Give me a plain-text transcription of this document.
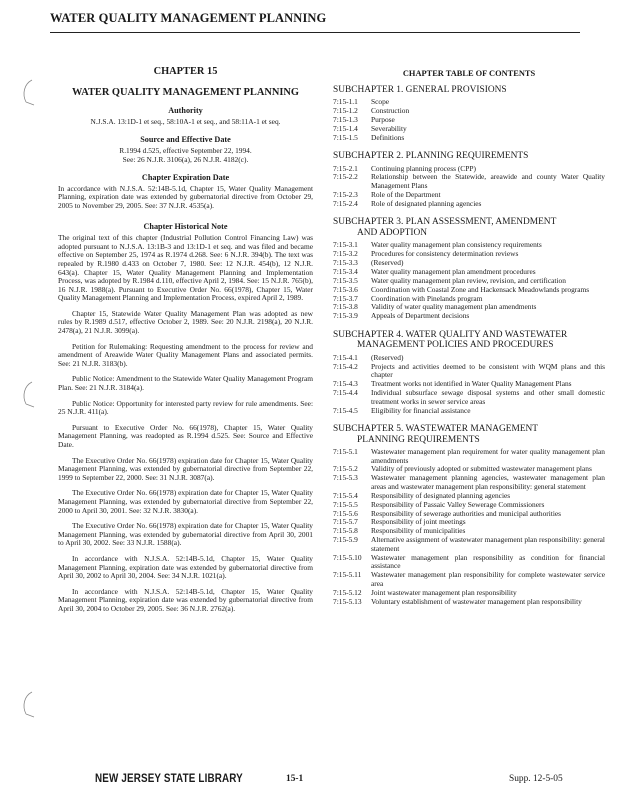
WATER QUALITY MANAGEMENT PLANNING
CHAPTER 15
WATER QUALITY MANAGEMENT PLANNING
Authority
N.J.S.A. 13:1D-1 et seq., 58:10A-1 et seq., and 58:11A-1 et seq.
Source and Effective Date
R.1994 d.525, effective September 22, 1994.
See: 26 N.J.R. 3106(a), 26 N.J.R. 4182(c).
Chapter Expiration Date
In accordance with N.J.S.A. 52:14B-5.1d, Chapter 15, Water Quality Management Planning, expiration date was extended by gubernatorial directive from October 29, 2005 to November 29, 2005. See: 37 N.J.R. 4535(a).
Chapter Historical Note
The original text of this chapter (Industrial Pollution Control Financing Law) was adopted pursuant to N.J.S.A. 13:1B-3 and 13:1D-1 et seq. and was filed and became effective on September 25, 1974 as R.1974 d.268. See: 6 N.J.R. 394(b). The text was repealed by R.1980 d.433 on October 7, 1980. See: 12 N.J.R. 454(b), 12 N.J.R. 643(a). Chapter 15, Water Quality Management Planning and Implementation Process, was adopted by R.1984 d.110, effective April 2, 1984. See: 15 N.J.R. 765(b), 16 N.J.R. 1988(a). Pursuant to Executive Order No. 66(1978), Chapter 15, Water Quality Management Planning and Implementation Process, expired April 2, 1989.
Chapter 15, Statewide Water Quality Management Plan was adopted as new rules by R.1989 d.517, effective October 2, 1989. See: 20 N.J.R. 2198(a), 20 N.J.R. 2478(a), 21 N.J.R. 3099(a).
Petition for Rulemaking: Requesting amendment to the process for review and amendment of Areawide Water Quality Management Plans and associated permits. See: 21 N.J.R. 3183(b).
Public Notice: Amendment to the Statewide Water Quality Management Program Plan. See: 21 N.J.R. 3184(a).
Public Notice: Opportunity for interested party review for rule amendments. See: 25 N.J.R. 411(a).
Pursuant to Executive Order No. 66(1978), Chapter 15, Water Quality Management Planning, was readopted as R.1994 d.525. See: Source and Effective Date.
The Executive Order No. 66(1978) expiration date for Chapter 15, Water Quality Management Planning, was extended by gubernatorial directive from September 22, 1999 to September 22, 2000. See: 31 N.J.R. 3087(a).
The Executive Order No. 66(1978) expiration date for Chapter 15, Water Quality Management Planning, was extended by gubernatorial directive from September 22, 2000 to April 30, 2001. See: 32 N.J.R. 3830(a).
The Executive Order No. 66(1978) expiration date for Chapter 15, Water Quality Management Planning, was extended by gubernatorial directive from April 30, 2001 to April 30, 2002. See: 33 N.J.R. 1588(a).
In accordance with N.J.S.A. 52:14B-5.1d, Chapter 15, Water Quality Management Planning, expiration date was extended by gubernatorial directive from April 30, 2002 to April 30, 2004. See: 34 N.J.R. 1021(a).
In accordance with N.J.S.A. 52:14B-5.1d, Chapter 15, Water Quality Management Planning, expiration date was extended by gubernatorial directive from April 30, 2004 to October 29, 2005. See: 36 N.J.R. 2762(a).
CHAPTER TABLE OF CONTENTS
SUBCHAPTER 1. GENERAL PROVISIONS
7:15-1.1	Scope
7:15-1.2	Construction
7:15-1.3	Purpose
7:15-1.4	Severability
7:15-1.5	Definitions
SUBCHAPTER 2. PLANNING REQUIREMENTS
7:15-2.1	Continuing planning process (CPP)
7:15-2.2	Relationship between the Statewide, areawide and county Water Quality Management Plans
7:15-2.3	Role of the Department
7:15-2.4	Role of designated planning agencies
SUBCHAPTER 3. PLAN ASSESSMENT, AMENDMENT
AND ADOPTION
7:15-3.1	Water quality management plan consistency requirements
7:15-3.2	Procedures for consistency determination reviews
7:15-3.3	(Reserved)
7:15-3.4	Water quality management plan amendment procedures
7:15-3.5	Water quality management plan review, revision, and certification
7:15-3.6	Coordination with Coastal Zone and Hackensack Meadowlands programs
7:15-3.7	Coordination with Pinelands program
7:15-3.8	Validity of water quality management plan amendments
7:15-3.9	Appeals of Department decisions
SUBCHAPTER 4. WATER QUALITY AND WASTEWATER
MANAGEMENT POLICIES AND PROCEDURES
7:15-4.1	(Reserved)
7:15-4.2	Projects and activities deemed to be consistent with WQM plans and this chapter
7:15-4.3	Treatment works not identified in Water Quality Management Plans
7:15-4.4	Individual subsurface sewage disposal systems and other small domestic treatment works in sewer service areas
7:15-4.5	Eligibility for financial assistance
SUBCHAPTER 5. WASTEWATER MANAGEMENT
PLANNING REQUIREMENTS
7:15-5.1	Wastewater management plan requirement for water quality management plan amendments
7:15-5.2	Validity of previously adopted or submitted wastewater management plans
7:15-5.3	Wastewater management planning agencies, wastewater management plan areas and wastewater management plan responsibility: general statement
7:15-5.4	Responsibility of designated planning agencies
7:15-5.5	Responsibility of Passaic Valley Sewerage Commissioners
7:15-5.6	Responsibility of sewerage authorities and municipal authorities
7:15-5.7	Responsibility of joint meetings
7:15-5.8	Responsibility of municipalities
7:15-5.9	Alternative assignment of wastewater management plan responsibility: general statement
7:15-5.10	Wastewater management plan responsibility as condition for financial assistance
7:15-5.11	Wastewater management plan responsibility for complete wastewater service area
7:15-5.12	Joint wastewater management plan responsibility
7:15-5.13	Voluntary establishment of wastewater management plan responsibility
NEW JERSEY STATE LIBRARY	15-1	Supp. 12-5-05
